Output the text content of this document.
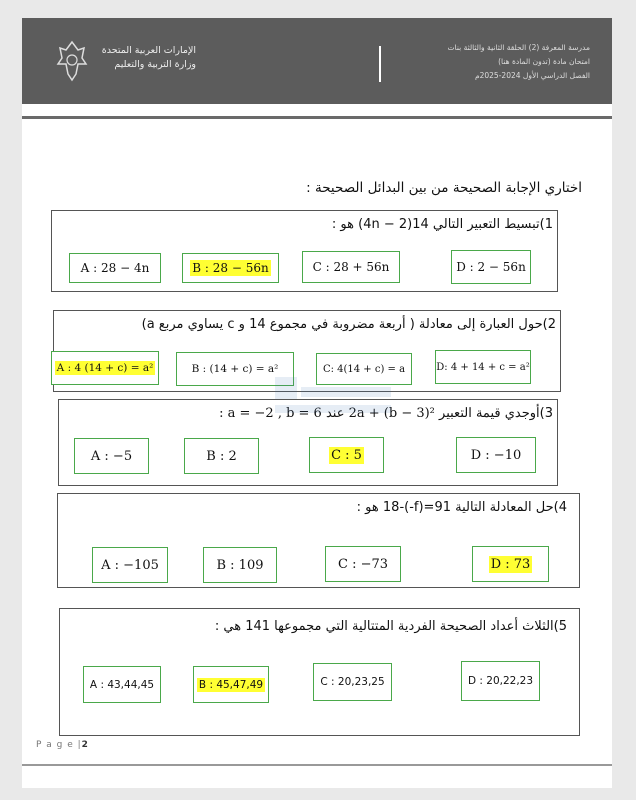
الإمارات العربية المتحدة
وزارة التربية والتعليم
مدرسة المعرفة (2) الحلقة الثانية والثالثة بنات
امتحان مادة (تدون المادة هنا)
الفصل الدراسي الأول 2024-2025م
اختاري الإجابة الصحيحة من بين البدائل الصحيحة :
1)تبسيط التعبير التالي 14(4n − 2) هو :
A : 28 − 4n	B : 28 − 56n	C : 28 + 56n	D : 2 − 56n
2)حول العبارة إلى معادلة ( أربعة مضروبة في مجموع 14 و c يساوي مربع a)
A : 4 (14 + c) = a²	B : (14 + c) = a²	C: 4(14 + c) = a	D: 4 + 14 + c = a²
3)أوجدي قيمة التعبير 2a + (b − 3)² عند a = −2 , b = 6 :
A : −5	B : 2	C : 5	D : −10
4)حل المعادلة التالية 91=(f-)-18 هو :
A : −105	B : 109	C : −73	D : 73
5)الثلاث أعداد الصحيحة الفردية المتتالية التي مجموعها 141 هي :
A : 43,44,45	B : 45,47,49	C : 20,23,25	D : 20,22,23
P a g e |2
